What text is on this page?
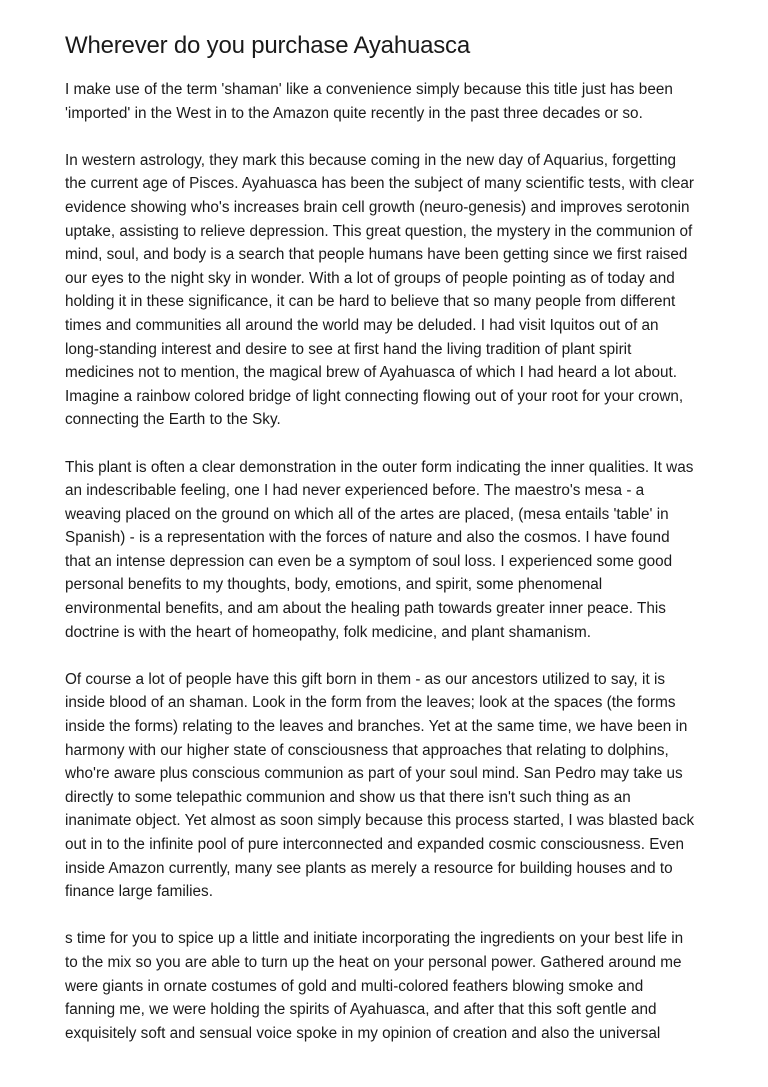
Wherever do you purchase Ayahuasca

I make use of the term 'shaman' like a convenience simply because this title just has been
'imported' in the West in to the Amazon quite recently in the past three decades or so.

In western astrology, they mark this because coming in the new day of Aquarius, forgetting
the current age of Pisces. Ayahuasca has been the subject of many scientific tests, with clear
evidence showing who's increases brain cell growth (neuro-genesis) and improves serotonin
uptake, assisting to relieve depression. This great question, the mystery in the communion of
mind, soul, and body is a search that people humans have been getting since we first raised
our eyes to the night sky in wonder. With a lot of groups of people pointing as of today and
holding it in these significance, it can be hard to believe that so many people from different
times and communities all around the world may be deluded. I had visit Iquitos out of an
long-standing interest and desire to see at first hand the living tradition of plant spirit
medicines not to mention, the magical brew of Ayahuasca of which I had heard a lot about.
Imagine a rainbow colored bridge of light connecting flowing out of your root for your crown,
connecting the Earth to the Sky.

This plant is often a clear demonstration in the outer form indicating the inner qualities. It was
an indescribable feeling, one I had never experienced before. The maestro's mesa - a
weaving placed on the ground on which all of the artes are placed, (mesa entails 'table' in
Spanish) - is a representation with the forces of nature and also the cosmos. I have found
that an intense depression can even be a symptom of soul loss. I experienced some good
personal benefits to my thoughts, body, emotions, and spirit, some phenomenal
environmental benefits, and am about the healing path towards greater inner peace. This
doctrine is with the heart of homeopathy, folk medicine, and plant shamanism.

Of course a lot of people have this gift born in them - as our ancestors utilized to say, it is
inside blood of an shaman. Look in the form from the leaves; look at the spaces (the forms
inside the forms) relating to the leaves and branches. Yet at the same time, we have been in
harmony with our higher state of consciousness that approaches that relating to dolphins,
who're aware plus conscious communion as part of your soul mind. San Pedro may take us
directly to some telepathic communion and show us that there isn't such thing as an
inanimate object. Yet almost as soon simply because this process started, I was blasted back
out in to the infinite pool of pure interconnected and expanded cosmic consciousness. Even
inside Amazon currently, many see plants as merely a resource for building houses and to
finance large families.

s time for you to spice up a little and initiate incorporating the ingredients on your best life in
to the mix so you are able to turn up the heat on your personal power. Gathered around me
were giants in ornate costumes of gold and multi-colored feathers blowing smoke and
fanning me, we were holding the spirits of Ayahuasca, and after that this soft gentle and
exquisitely soft and sensual voice spoke in my opinion of creation and also the universal
